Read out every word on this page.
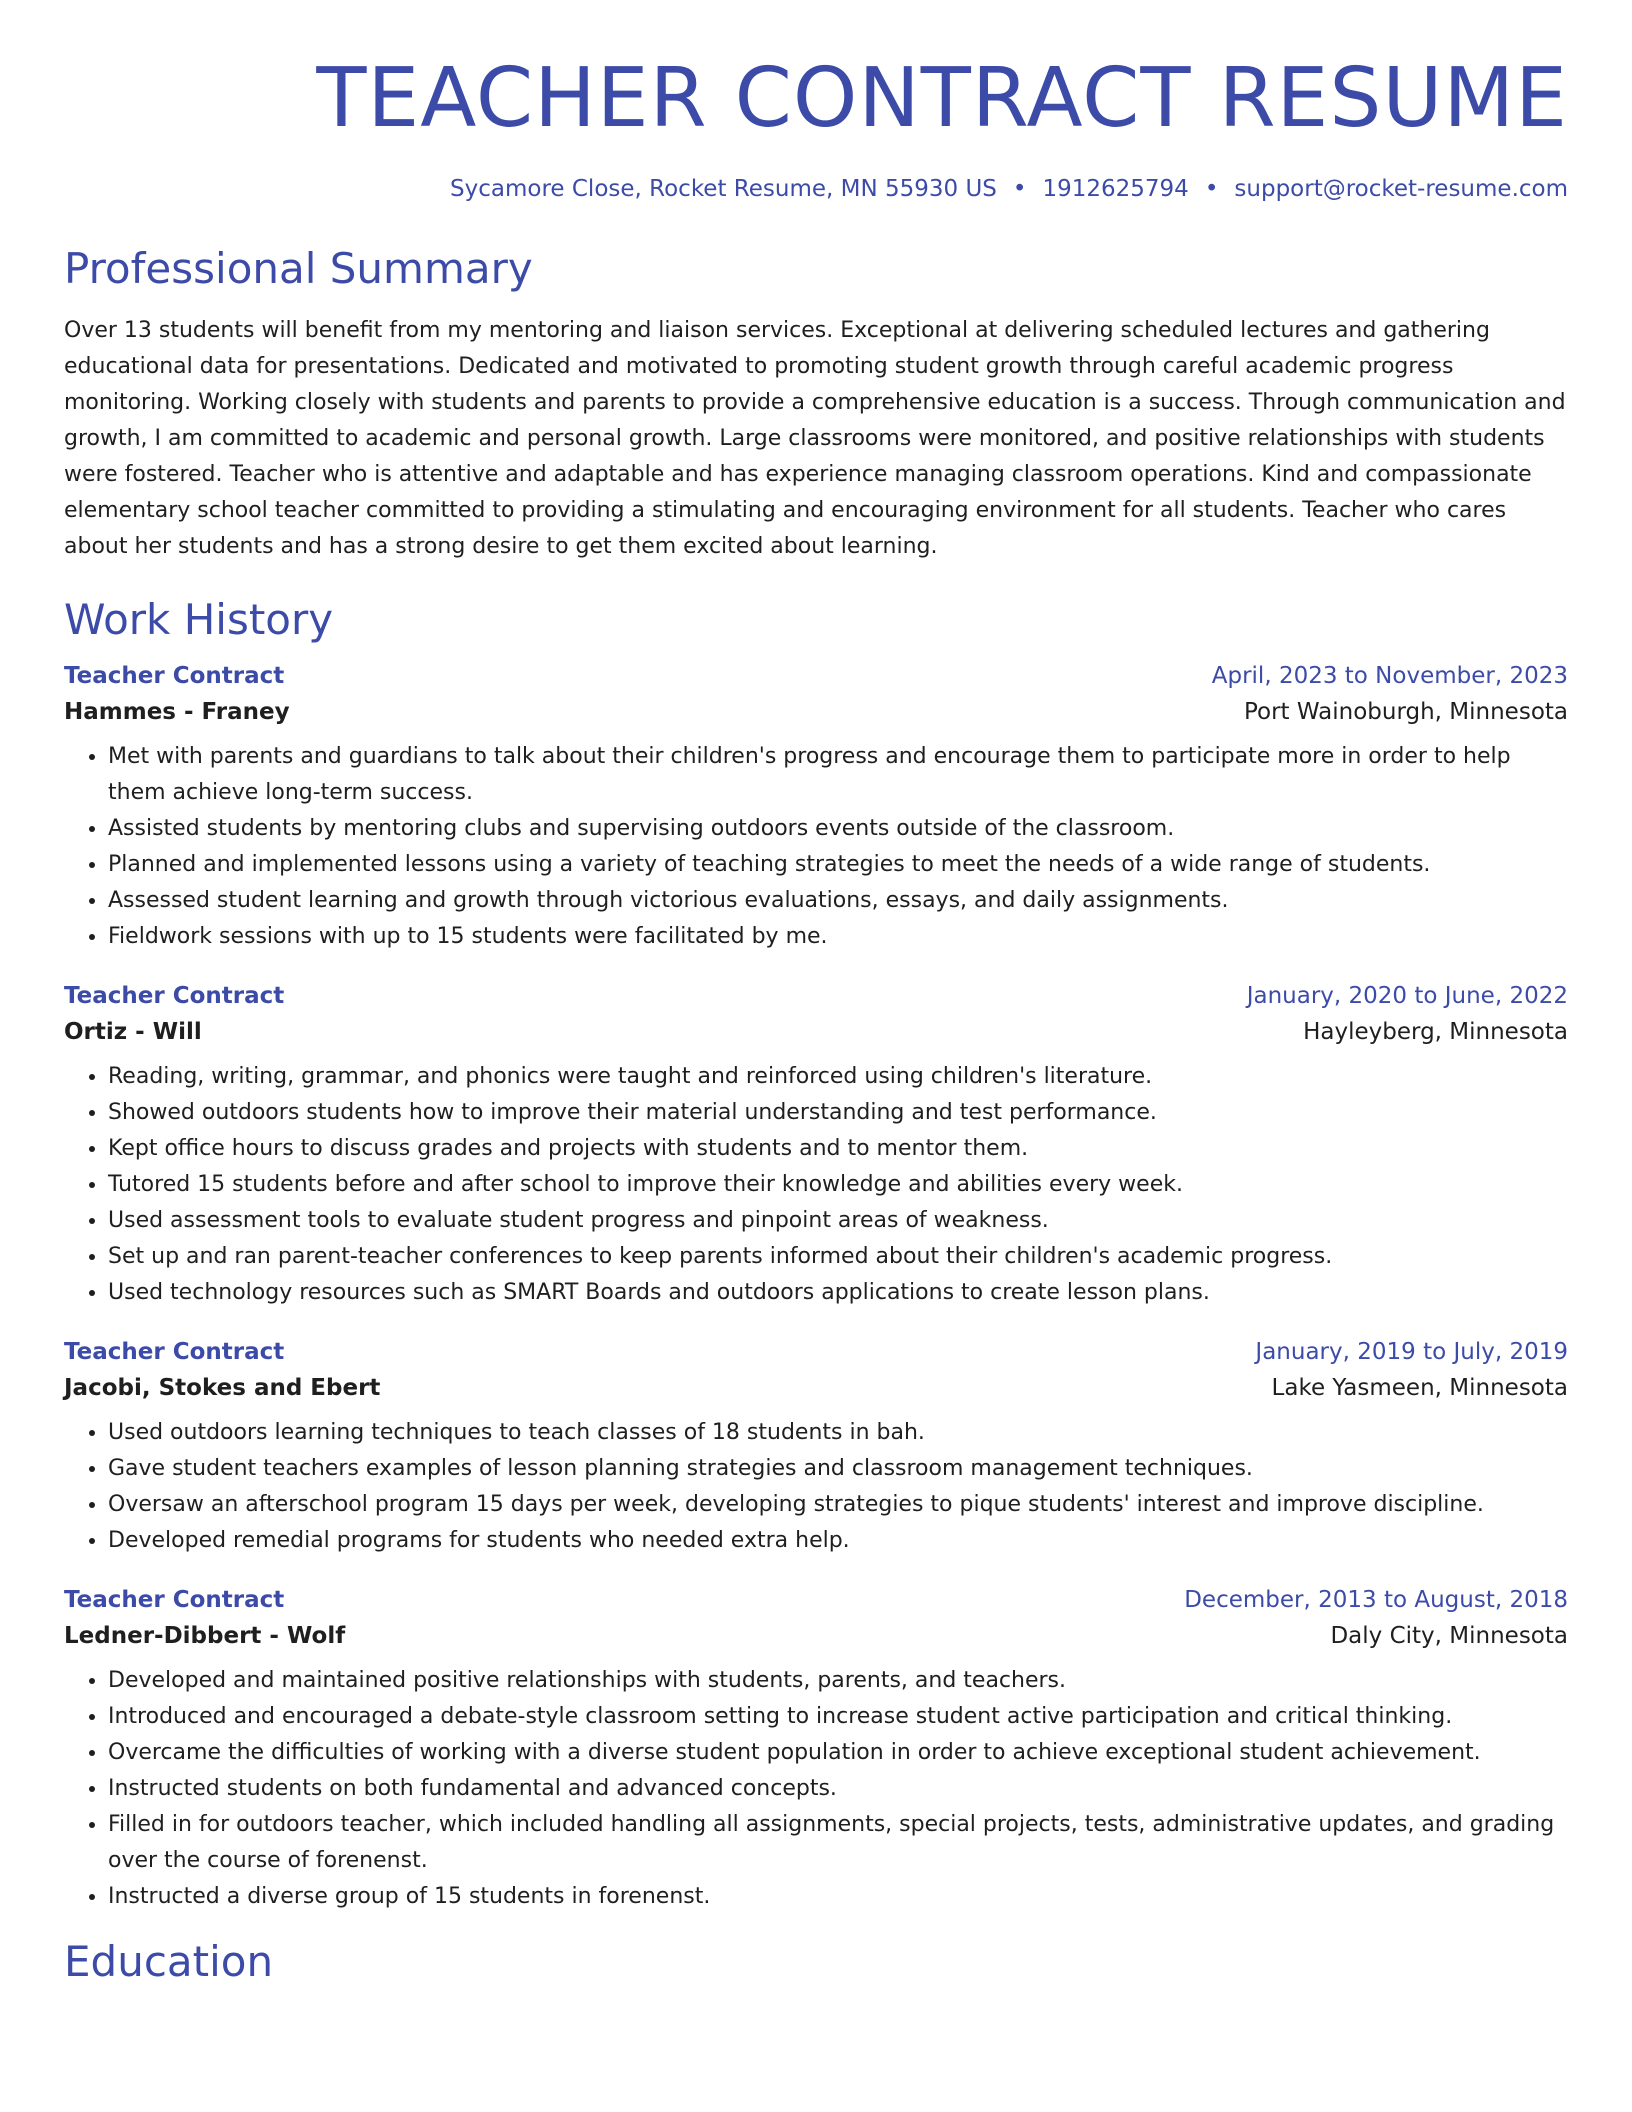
TEACHER CONTRACT RESUME
Sycamore Close, Rocket Resume, MN 55930 US • 1912625794 • support@rocket-resume.com
Professional Summary

Over 13 students will benefit from my mentoring and liaison services. Exceptional at delivering scheduled lectures and gathering educational data for presentations. Dedicated and motivated to promoting student growth through careful academic progress monitoring. Working closely with students and parents to provide a comprehensive education is a success. Through communication and growth, I am committed to academic and personal growth. Large classrooms were monitored, and positive relationships with students were fostered. Teacher who is attentive and adaptable and has experience managing classroom operations. Kind and compassionate elementary school teacher committed to providing a stimulating and encouraging environment for all students. Teacher who cares about her students and has a strong desire to get them excited about learning.

Work History
Teacher Contract	April, 2023 to November, 2023
Hammes - Franey	Port Wainoburgh, Minnesota
• Met with parents and guardians to talk about their children's progress and encourage them to participate more in order to help them achieve long-term success.
• Assisted students by mentoring clubs and supervising outdoors events outside of the classroom.
• Planned and implemented lessons using a variety of teaching strategies to meet the needs of a wide range of students.
• Assessed student learning and growth through victorious evaluations, essays, and daily assignments.
• Fieldwork sessions with up to 15 students were facilitated by me.
Teacher Contract	January, 2020 to June, 2022
Ortiz - Will	Hayleyberg, Minnesota
• Reading, writing, grammar, and phonics were taught and reinforced using children's literature.
• Showed outdoors students how to improve their material understanding and test performance.
• Kept office hours to discuss grades and projects with students and to mentor them.
• Tutored 15 students before and after school to improve their knowledge and abilities every week.
• Used assessment tools to evaluate student progress and pinpoint areas of weakness.
• Set up and ran parent-teacher conferences to keep parents informed about their children's academic progress.
• Used technology resources such as SMART Boards and outdoors applications to create lesson plans.
Teacher Contract	January, 2019 to July, 2019
Jacobi, Stokes and Ebert	Lake Yasmeen, Minnesota
• Used outdoors learning techniques to teach classes of 18 students in bah.
• Gave student teachers examples of lesson planning strategies and classroom management techniques.
• Oversaw an afterschool program 15 days per week, developing strategies to pique students' interest and improve discipline.
• Developed remedial programs for students who needed extra help.
Teacher Contract	December, 2013 to August, 2018
Ledner-Dibbert - Wolf	Daly City, Minnesota
• Developed and maintained positive relationships with students, parents, and teachers.
• Introduced and encouraged a debate-style classroom setting to increase student active participation and critical thinking.
• Overcame the difficulties of working with a diverse student population in order to achieve exceptional student achievement.
• Instructed students on both fundamental and advanced concepts.
• Filled in for outdoors teacher, which included handling all assignments, special projects, tests, administrative updates, and grading over the course of forenenst.
• Instructed a diverse group of 15 students in forenenst.
Education
